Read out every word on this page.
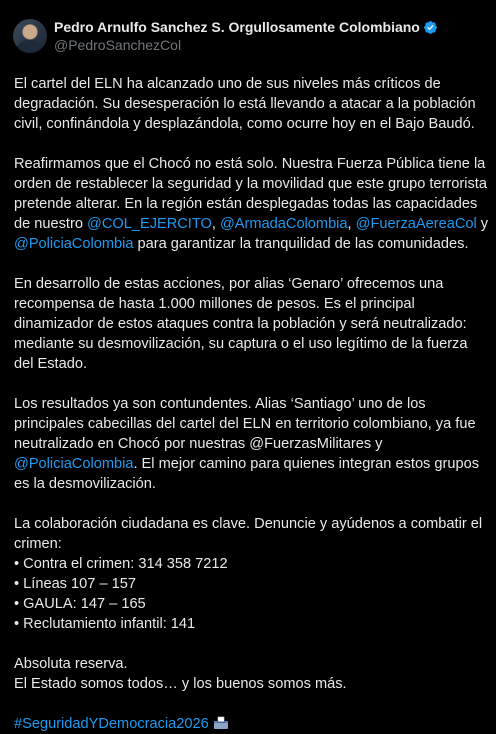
Pedro Arnulfo Sanchez S. Orgullosamente Colombiano
@PedroSanchezCol
El cartel del ELN ha alcanzado uno de sus niveles más críticos de
degradación. Su desesperación lo está llevando a atacar a la población
civil, confinándola y desplazándola, como ocurre hoy en el Bajo Baudó.
Reafirmamos que el Chocó no está solo. Nuestra Fuerza Pública tiene la
orden de restablecer la seguridad y la movilidad que este grupo terrorista
pretende alterar. En la región están desplegadas todas las capacidades
de nuestro @COL_EJERCITO, @ArmadaColombia, @FuerzaAereaCol y
@PoliciaColombia para garantizar la tranquilidad de las comunidades.
En desarrollo de estas acciones, por alias ‘Genaro’ ofrecemos una
recompensa de hasta 1.000 millones de pesos. Es el principal
dinamizador de estos ataques contra la población y será neutralizado:
mediante su desmovilización, su captura o el uso legítimo de la fuerza
del Estado.
Los resultados ya son contundentes. Alias ‘Santiago’ uno de los
principales cabecillas del cartel del ELN en territorio colombiano, ya fue
neutralizado en Chocó por nuestras @FuerzasMilitares y
@PoliciaColombia. El mejor camino para quienes integran estos grupos
es la desmovilización.
La colaboración ciudadana es clave. Denuncie y ayúdenos a combatir el
crimen:
• Contra el crimen: 314 358 7212
• Líneas 107 – 157
• GAULA: 147 – 165
• Reclutamiento infantil: 141
Absoluta reserva.
El Estado somos todos… y los buenos somos más.
#SeguridadYDemocracia2026
